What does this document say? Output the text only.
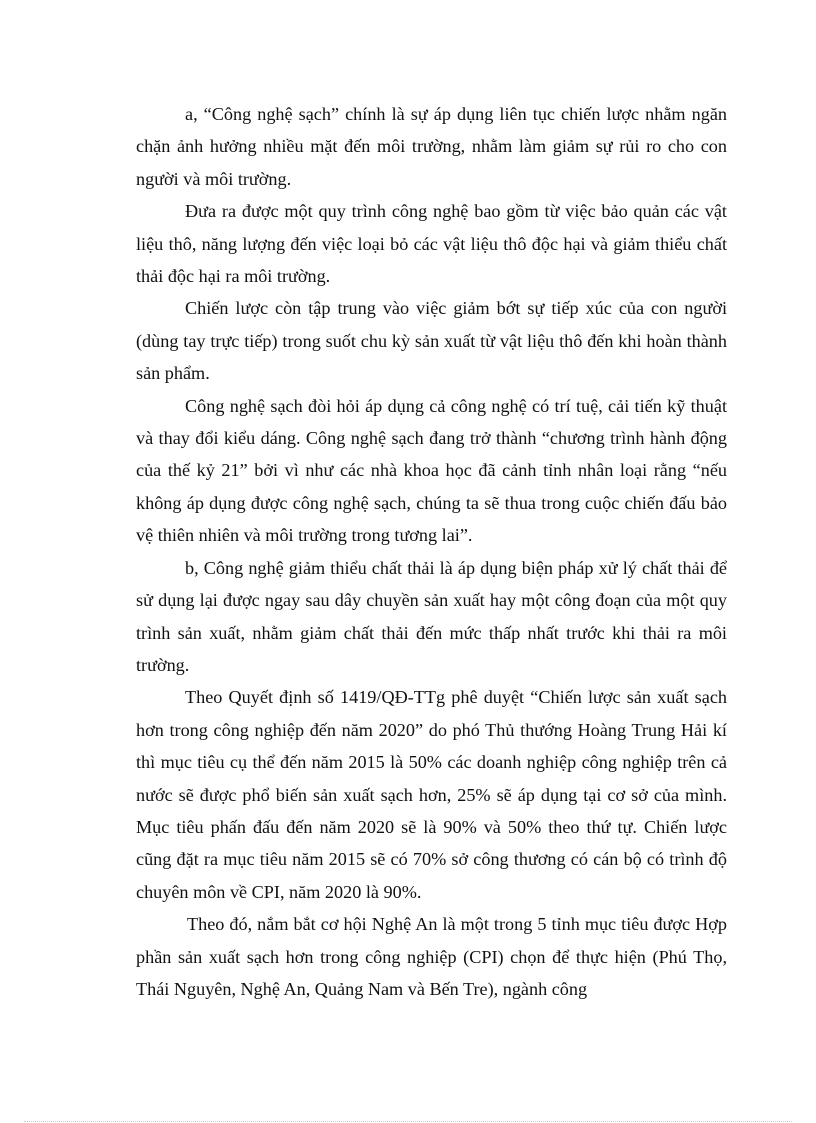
a, “Công nghệ sạch” chính là sự áp dụng liên tục chiến lược nhằm ngăn chặn ảnh hưởng nhiều mặt đến môi trường, nhằm làm giảm sự rủi ro cho con người và môi trường.

Đưa ra được một quy trình công nghệ bao gồm từ việc bảo quản các vật liệu thô, năng lượng đến việc loại bỏ các vật liệu thô độc hại và giảm thiểu chất thải độc hại ra môi trường.

Chiến lược còn tập trung vào việc giảm bớt sự tiếp xúc của con người (dùng tay trực tiếp) trong suốt chu kỳ sản xuất từ vật liệu thô đến khi hoàn thành sản phẩm.

Công nghệ sạch đòi hỏi áp dụng cả công nghệ có trí tuệ, cải tiến kỹ thuật và thay đổi kiểu dáng. Công nghệ sạch đang trở thành “chương trình hành động của thế kỷ 21” bởi vì như các nhà khoa học đã cảnh tỉnh nhân loại rằng “nếu không áp dụng được công nghệ sạch, chúng ta sẽ thua trong cuộc chiến đấu bảo vệ thiên nhiên và môi trường trong tương lai”.

b, Công nghệ giảm thiểu chất thải là áp dụng biện pháp xử lý chất thải để sử dụng lại được ngay sau dây chuyền sản xuất hay một công đoạn của một quy trình sản xuất, nhằm giảm chất thải đến mức thấp nhất trước khi thải ra môi trường.

Theo Quyết định số 1419/QĐ-TTg phê duyệt “Chiến lược sản xuất sạch hơn trong công nghiệp đến năm 2020” do phó Thủ thướng Hoàng Trung Hải kí thì mục tiêu cụ thể đến năm 2015 là 50% các doanh nghiệp công nghiệp trên cả nước sẽ được phổ biến sản xuất sạch hơn, 25% sẽ áp dụng tại cơ sở của mình. Mục tiêu phấn đấu đến năm 2020 sẽ là 90% và 50% theo thứ tự. Chiến lược cũng đặt ra mục tiêu năm 2015 sẽ có 70% sở công thương có cán bộ có trình độ chuyên môn về CPI, năm 2020 là 90%.

Theo đó, nắm bắt cơ hội Nghệ An là một trong 5 tỉnh mục tiêu được Hợp phần sản xuất sạch hơn trong công nghiệp (CPI) chọn để thực hiện (Phú Thọ, Thái Nguyên, Nghệ An, Quảng Nam và Bến Tre), ngành công
